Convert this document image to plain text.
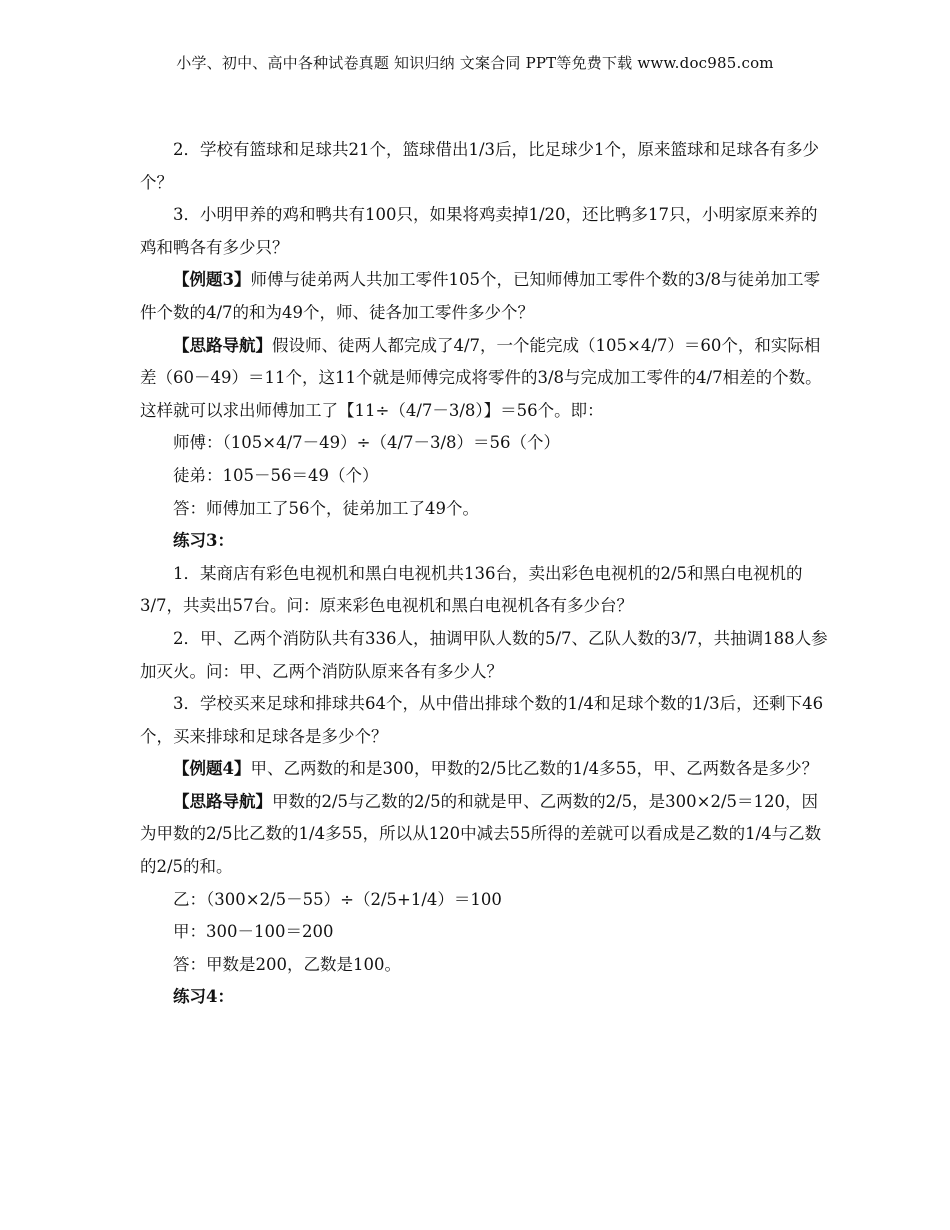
小学、初中、高中各种试卷真题 知识归纳 文案合同 PPT等免费下载 www.doc985.com

2．学校有篮球和足球共21个，篮球借出1/3后，比足球少1个，原来篮球和足球各有多少个？

3．小明甲养的鸡和鸭共有100只，如果将鸡卖掉1/20，还比鸭多17只，小明家原来养的鸡和鸭各有多少只？

【例题3】师傅与徒弟两人共加工零件105个，已知师傅加工零件个数的3/8与徒弟加工零件个数的4/7的和为49个，师、徒各加工零件多少个？

【思路导航】假设师、徒两人都完成了4/7，一个能完成（105×4/7）＝60个，和实际相差（60－49）＝11个，这11个就是师傅完成将零件的3/8与完成加工零件的4/7相差的个数。这样就可以求出师傅加工了【11÷（4/7－3/8）】＝56个。即：

师傅：（105×4/7－49）÷（4/7－3/8）＝56（个）

徒弟：105－56＝49（个）

答：师傅加工了56个，徒弟加工了49个。

练习3：

1．某商店有彩色电视机和黑白电视机共136台，卖出彩色电视机的2/5和黑白电视机的3/7，共卖出57台。问：原来彩色电视机和黑白电视机各有多少台？

2．甲、乙两个消防队共有336人，抽调甲队人数的5/7、乙队人数的3/7，共抽调188人参加灭火。问：甲、乙两个消防队原来各有多少人？

3．学校买来足球和排球共64个，从中借出排球个数的1/4和足球个数的1/3后，还剩下46个，买来排球和足球各是多少个？

【例题4】甲、乙两数的和是300，甲数的2/5比乙数的1/4多55，甲、乙两数各是多少？

【思路导航】甲数的2/5与乙数的2/5的和就是甲、乙两数的2/5，是300×2/5＝120，因为甲数的2/5比乙数的1/4多55，所以从120中减去55所得的差就可以看成是乙数的1/4与乙数的2/5的和。

乙：（300×2/5－55）÷（2/5+1/4）＝100

甲：300－100＝200

答：甲数是200，乙数是100。

练习4：
